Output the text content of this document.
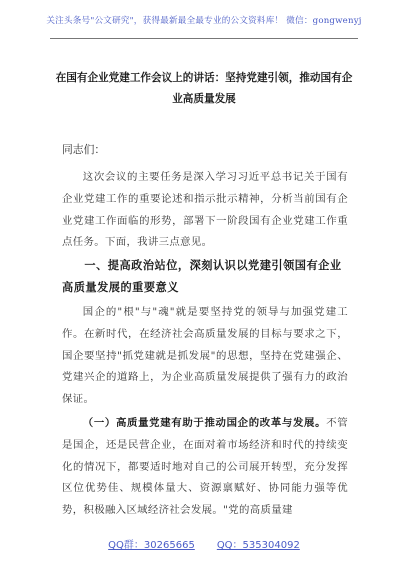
关注头条号"公文研究"，获得最新最全最专业的公文资料库！ 微信：gongwenyj
在国有企业党建工作会议上的讲话：坚持党建引领，推动国有企业高质量发展
同志们：
这次会议的主要任务是深入学习习近平总书记关于国有企业党建工作的重要论述和指示批示精神，分析当前国有企业党建工作面临的形势，部署下一阶段国有企业党建工作重点任务。下面，我讲三点意见。
一、提高政治站位，深刻认识以党建引领国有企业高质量发展的重要意义
国企的"根"与"魂"就是要坚持党的领导与加强党建工作。在新时代，在经济社会高质量发展的目标与要求之下，国企要坚持"抓党建就是抓发展"的思想，坚持在党建强企、党建兴企的道路上，为企业高质量发展提供了强有力的政治保证。
（一）高质量党建有助于推动国企的改革与发展。不管是国企，还是民营企业，在面对着市场经济和时代的持续变化的情况下，都要适时地对自己的公司展开转型，充分发挥区位优势佳、规模体量大、资源禀赋好、协同能力强等优势，积极融入区域经济社会发展。"党的高质量建
QQ群：30265665 QQ：535304092
